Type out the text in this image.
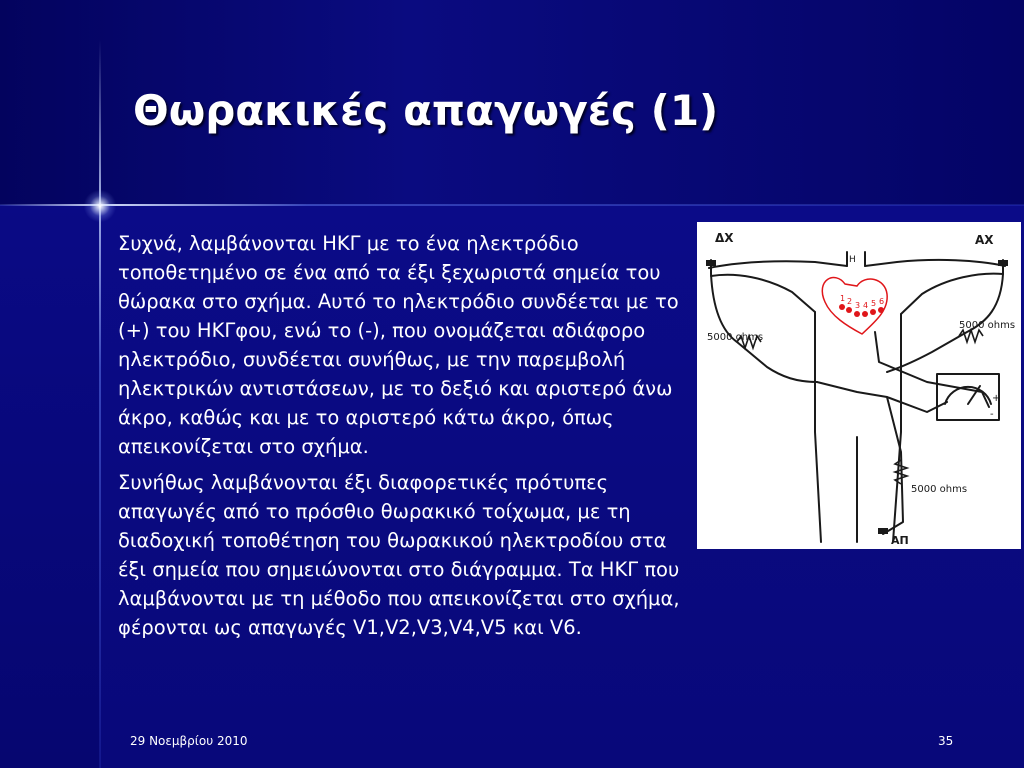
Θωρακικές απαγωγές (1)

Συχνά, λαμβάνονται ΗΚΓ με το ένα ηλεκτρόδιο τοποθετημένο σε ένα από τα έξι ξεχωριστά σημεία του θώρακα στο σχήμα. Αυτό το ηλεκτρόδιο συνδέεται με το (+) του ΗΚΓφου, ενώ το (-), που ονομάζεται αδιάφορο ηλεκτρόδιο, συνδέεται συνήθως, με την παρεμβολή ηλεκτρικών αντιστάσεων, με το δεξιό και αριστερό άνω άκρο, καθώς και με το αριστερό κάτω άκρο, όπως απεικονίζεται στο σχήμα.

Συνήθως λαμβάνονται έξι διαφορετικές πρότυπες απαγωγές από το πρόσθιο θωρακικό τοίχωμα, με τη διαδοχική τοποθέτηση του θωρακικού ηλεκτροδίου στα έξι σημεία που σημειώνονται στο διάγραμμα. Τα ΗΚΓ που λαμβάνονται με τη μέθοδο που απεικονίζεται στο σχήμα, φέρονται ως απαγωγές V1,V2,V3,V4,V5 και V6.

1 2 3 4 5 6
H
ΔΧ	ΑΧ
ΑΠ
5000 ohms
5000 ohms
5000 ohms
+
-
29 Νοεμβρίου 2010	35
